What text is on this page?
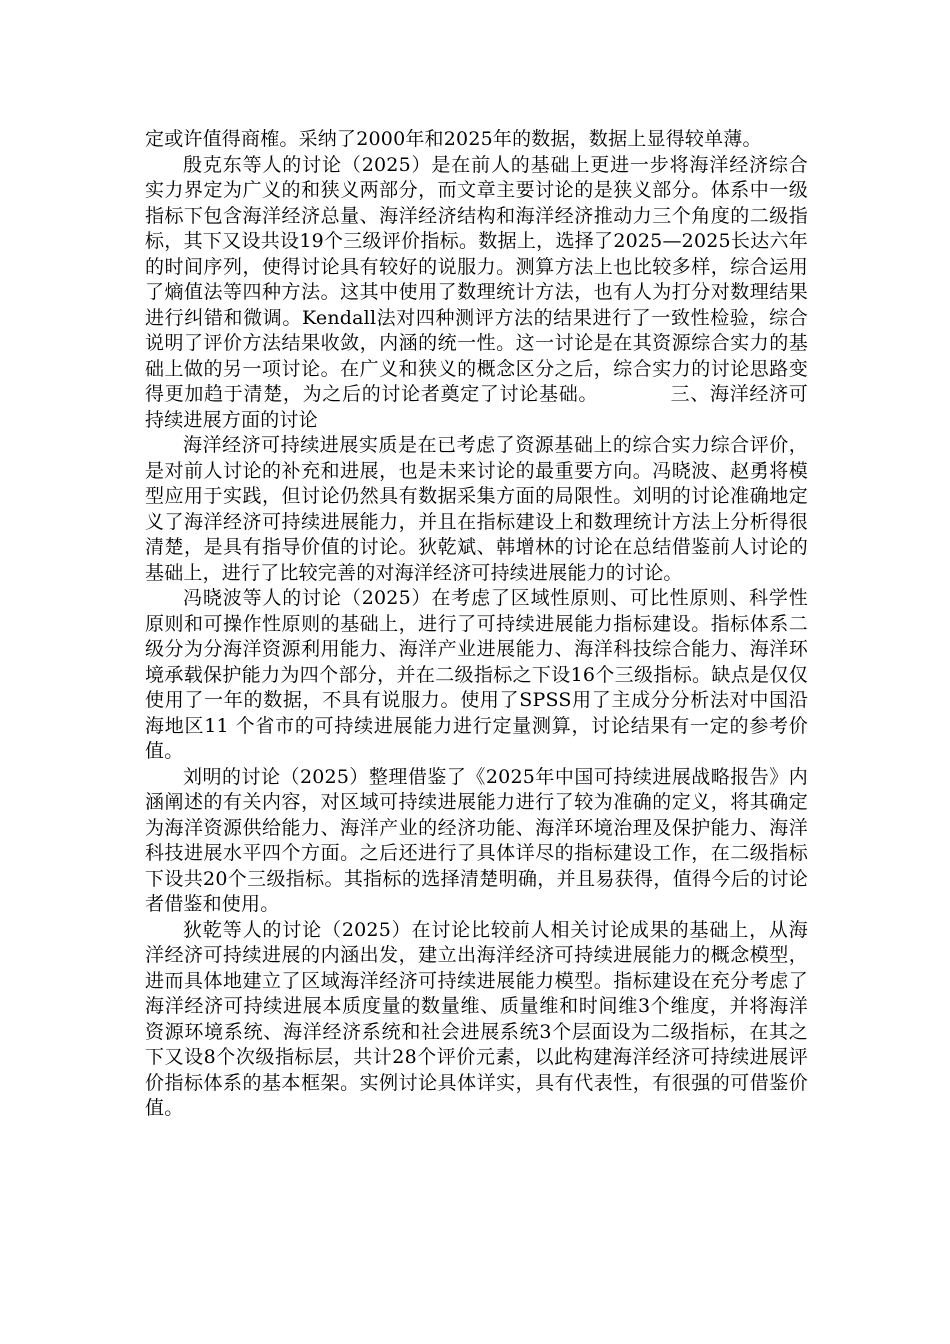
定或许值得商榷。采纳了2000年和2025年的数据，数据上显得较单薄。

殷克东等人的讨论（2025）是在前人的基础上更进一步将海洋经济综合实力界定为广义的和狭义两部分，而文章主要讨论的是狭义部分。体系中一级指标下包含海洋经济总量、海洋经济结构和海洋经济推动力三个角度的二级指标，其下又设共设19个三级评价指标。数据上，选择了2025—2025长达六年的时间序列，使得讨论具有较好的说服力。测算方法上也比较多样，综合运用了熵值法等四种方法。这其中使用了数理统计方法，也有人为打分对数理结果进行纠错和微调。Kendall法对四种测评方法的结果进行了一致性检验，综合说明了评价方法结果收敛，内涵的统一性。这一讨论是在其资源综合实力的基础上做的另一项讨论。在广义和狭义的概念区分之后，综合实力的讨论思路变得更加趋于清楚，为之后的讨论者奠定了讨论基础。	三、海洋经济可持续进展方面的讨论

海洋经济可持续进展实质是在已考虑了资源基础上的综合实力综合评价，是对前人讨论的补充和进展，也是未来讨论的最重要方向。冯晓波、赵勇将模型应用于实践，但讨论仍然具有数据采集方面的局限性。刘明的讨论准确地定义了海洋经济可持续进展能力，并且在指标建设上和数理统计方法上分析得很清楚，是具有指导价值的讨论。狄乾斌、韩增林的讨论在总结借鉴前人讨论的基础上，进行了比较完善的对海洋经济可持续进展能力的讨论。

冯晓波等人的讨论（2025）在考虑了区域性原则、可比性原则、科学性原则和可操作性原则的基础上，进行了可持续进展能力指标建设。指标体系二级分为分海洋资源利用能力、海洋产业进展能力、海洋科技综合能力、海洋环境承载保护能力为四个部分，并在二级指标之下设16个三级指标。缺点是仅仅使用了一年的数据，不具有说服力。使用了SPSS用了主成分分析法对中国沿海地区11 个省市的可持续进展能力进行定量测算，讨论结果有一定的参考价值。

刘明的讨论（2025）整理借鉴了《2025年中国可持续进展战略报告》内涵阐述的有关内容，对区域可持续进展能力进行了较为准确的定义，将其确定为海洋资源供给能力、海洋产业的经济功能、海洋环境治理及保护能力、海洋科技进展水平四个方面。之后还进行了具体详尽的指标建设工作，在二级指标下设共20个三级指标。其指标的选择清楚明确，并且易获得，值得今后的讨论者借鉴和使用。

狄乾等人的讨论（2025）在讨论比较前人相关讨论成果的基础上，从海洋经济可持续进展的内涵出发，建立出海洋经济可持续进展能力的概念模型，进而具体地建立了区域海洋经济可持续进展能力模型。指标建设在充分考虑了海洋经济可持续进展本质度量的数量维、质量维和时间维3个维度，并将海洋资源环境系统、海洋经济系统和社会进展系统3个层面设为二级指标，在其之下又设8个次级指标层，共计28个评价元素，以此构建海洋经济可持续进展评价指标体系的基本框架。实例讨论具体详实，具有代表性，有很强的可借鉴价值。
